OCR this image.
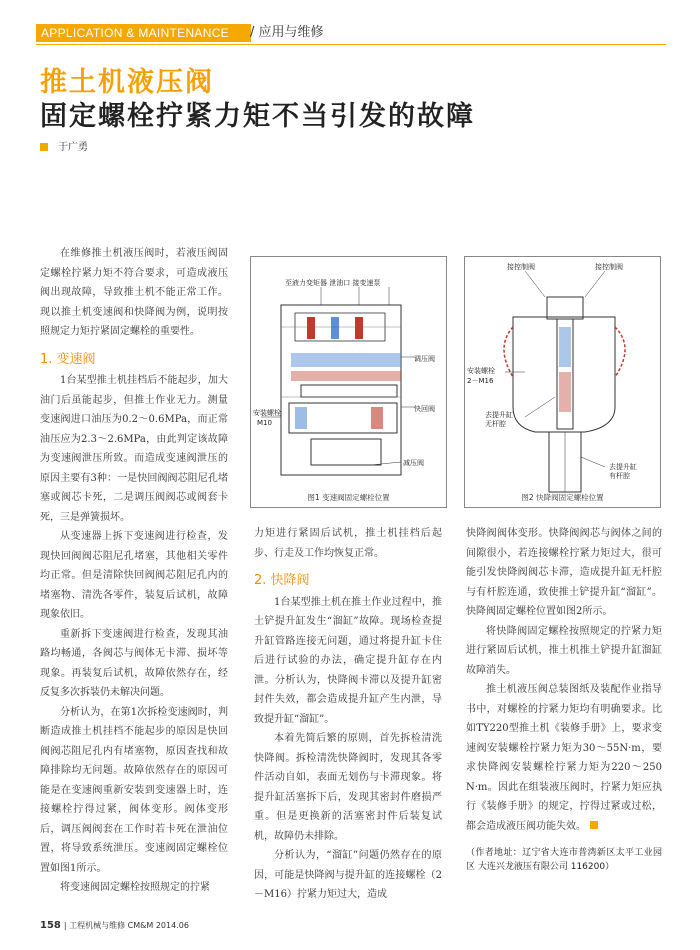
APPLICATION & MAINTENANCE	/ 应用与维修
推土机液压阀
固定螺栓拧紧力矩不当引发的故障
于广勇

在维修推土机液压阀时，若液压阀固定螺栓拧紧力矩不符合要求，可造成液压阀出现故障，导致推土机不能正常工作。现以推土机变速阀和快降阀为例，说明按照规定力矩拧紧固定螺栓的重要性。

1. 变速阀

1台某型推土机挂档后不能起步，加大油门后虽能起步，但推土作业无力。测量变速阀进口油压为0.2～0.6MPa，而正常油压应为2.3～2.6MPa，由此判定该故障为变速阀泄压所致。而造成变速阀泄压的原因主要有3种：一是快回阀阀芯阻尼孔堵塞或阀芯卡死，二是调压阀阀芯或阀套卡死，三是弹簧损坏。

从变速器上拆下变速阀进行检查，发现快回阀阀芯阻尼孔堵塞，其他相关零件均正常。但是清除快回阀阀芯阻尼孔内的堵塞物、清洗各零件，装复后试机，故障现象依旧。

重新拆下变速阀进行检查，发现其油路均畅通，各阀芯与阀体无卡滞、损坏等现象。再装复后试机，故障依然存在，经反复多次拆装仍未解决问题。

分析认为，在第1次拆检变速阀时，判断造成推土机挂档不能起步的原因是快回阀阀芯阻尼孔内有堵塞物，原因查找和故障排除均无问题。故障依然存在的原因可能是在变速阀重新安装到变速器上时，连接螺栓拧得过紧，阀体变形。阀体变形后，调压阀阀套在工作时若卡死在泄油位置，将导致系统泄压。变速阀固定螺栓位置如图1所示。

将变速阀固定螺栓按照规定的拧紧

至液力变矩器 泄油口 接变速泵
调压阀
安装螺栓
M10
快回阀
减压阀
图1 变速阀固定螺栓位置
接控制阀	接控制阀
安装螺栓
2－M16
去提升缸
无杆腔
去提升缸
有杆腔
图2 快降阀固定螺栓位置

力矩进行紧固后试机，推土机挂档后起步、行走及工作均恢复正常。

2. 快降阀

1台某型推土机在推土作业过程中，推土铲提升缸发生“溜缸”故障。现场检查提升缸管路连接无问题，通过将提升缸卡住后进行试验的办法，确定提升缸存在内泄。分析认为，快降阀卡滞以及提升缸密封件失效，都会造成提升缸产生内泄，导致提升缸“溜缸”。

本着先简后繁的原则，首先拆检清洗快降阀。拆检清洗快降阀时，发现其各零件活动自如，表面无划伤与卡滞现象。将提升缸活塞拆下后，发现其密封件磨损严重。但是更换新的活塞密封件后装复试机，故障仍未排除。

分析认为，“溜缸”问题仍然存在的原因，可能是快降阀与提升缸的连接螺栓（2－M16）拧紧力矩过大，造成

快降阀阀体变形。快降阀阀芯与阀体之间的间隙很小，若连接螺栓拧紧力矩过大，很可能引发快降阀阀芯卡滞，造成提升缸无杆腔与有杆腔连通，致使推土铲提升缸“溜缸”。快降阀固定螺栓位置如图2所示。

将快降阀固定螺栓按照规定的拧紧力矩进行紧固后试机，推土机推土铲提升缸溜缸故障消失。

推土机液压阀总装图纸及装配作业指导书中，对螺栓的拧紧力矩均有明确要求。比如TY220型推土机《装修手册》上，要求变速阀安装螺栓拧紧力矩为30～55N·m，要求快降阀安装螺栓拧紧力矩为220～250 N·m。因此在组装液压阀时，拧紧力矩应执行《装修手册》的规定，拧得过紧或过松，都会造成液压阀功能失效。

（作者地址：辽宁省大连市普湾新区太平工业园区 大连兴龙液压有限公司 116200）

158 | 工程机械与维修 CM&M 2014.06
